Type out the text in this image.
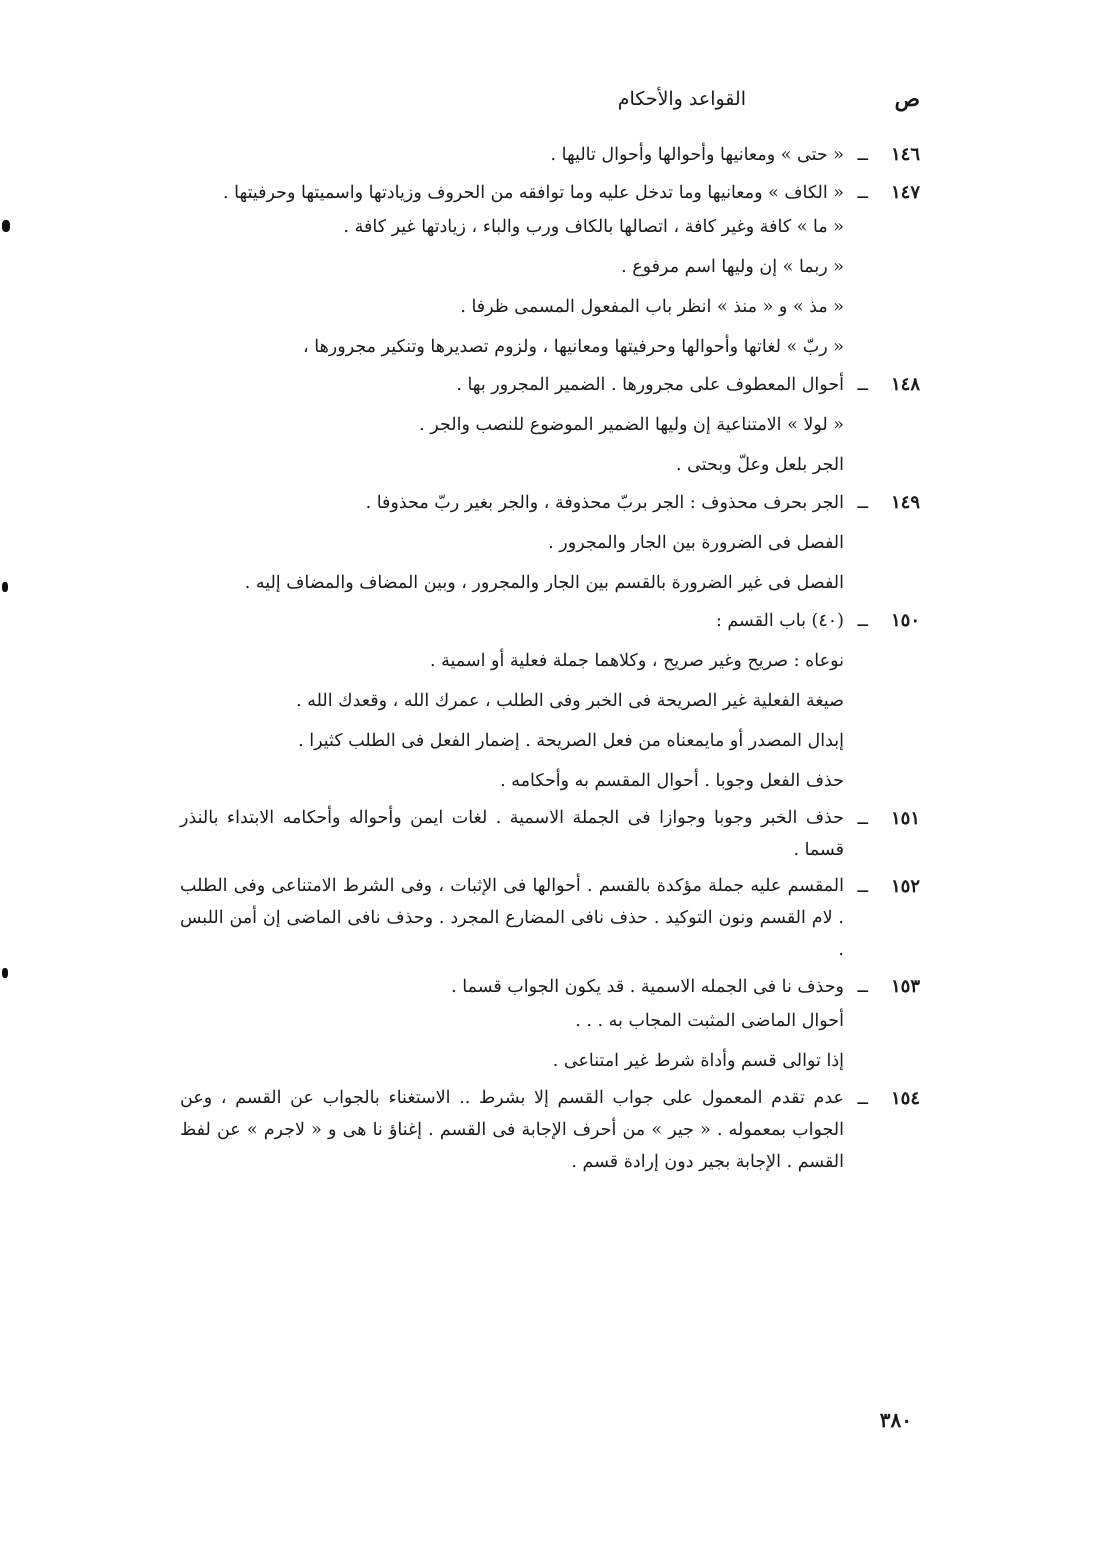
ص
القواعد والأحكام
١٤٦
ــ
« حتى » ومعانيها وأحوالها وأحوال تاليها .
١٤٧
ــ
« الكاف » ومعانيها وما تدخل عليه وما توافقه من الحروف وزيادتها واسميتها وحرفيتها .
« ما » كافة وغير كافة ، اتصالها بالكاف ورب والباء ، زيادتها غير كافة .
« ربما » إن وليها اسم مرفوع .
« مذ » و « منذ » انظر باب المفعول المسمى ظرفا .
« ربّ » لغاتها وأحوالها وحرفيتها ومعانيها ، ولزوم تصديرها وتنكير مجرورها ،
١٤٨
ــ
أحوال المعطوف على مجرورها . الضمير المجرور بها .
« لولا » الامتناعية إن وليها الضمير الموضوع للنصب والجر .
الجر بلعل وعلّ وبحتى .
١٤٩
ــ
الجر بحرف محذوف : الجر بربّ محذوفة ، والجر بغير ربّ محذوفا .
الفصل فى الضرورة بين الجار والمجرور .
الفصل فى غير الضرورة بالقسم بين الجار والمجرور ، وبين المضاف والمضاف إليه .
١٥٠
ــ
(٤٠) باب القسم :
نوعاه : صريح وغير صريح ، وكلاهما جملة فعلية أو اسمية .
صيغة الفعلية غير الصريحة فى الخبر وفى الطلب ، عمرك الله ، وقعدك الله .
إبدال المصدر أو مايمعناه من فعل الصريحة . إضمار الفعل فى الطلب كثيرا .
حذف الفعل وجوبا . أحوال المقسم به وأحكامه .
١٥١
ــ
حذف الخبر وجوبا وجوازا فى الجملة الاسمية . لغات ايمن وأحواله وأحكامه الابتداء بالنذر قسما .
١٥٢
ــ
المقسم عليه جملة مؤكدة بالقسم . أحوالها فى الإثبات ، وفى الشرط الامتناعى وفى الطلب . لام القسم ونون التوكيد . حذف نافى المضارع المجرد . وحذف نافى الماضى إن أمن اللبس .
١٥٣
ــ
وحذف نا فى الجمله الاسمية . قد يكون الجواب قسما .
أحوال الماضى المثبت المجاب به . . .
إذا توالى قسم وأداة شرط غير امتناعى .
١٥٤
ــ
عدم تقدم المعمول على جواب القسم إلا بشرط .. الاستغناء بالجواب عن القسم ، وعن الجواب بمعموله . « جير » من أحرف الإجابة فى القسم . إغناؤ نا هى و « لاجرم » عن لفظ القسم . الإجابة بجير دون إرادة قسم .
٣٨٠
